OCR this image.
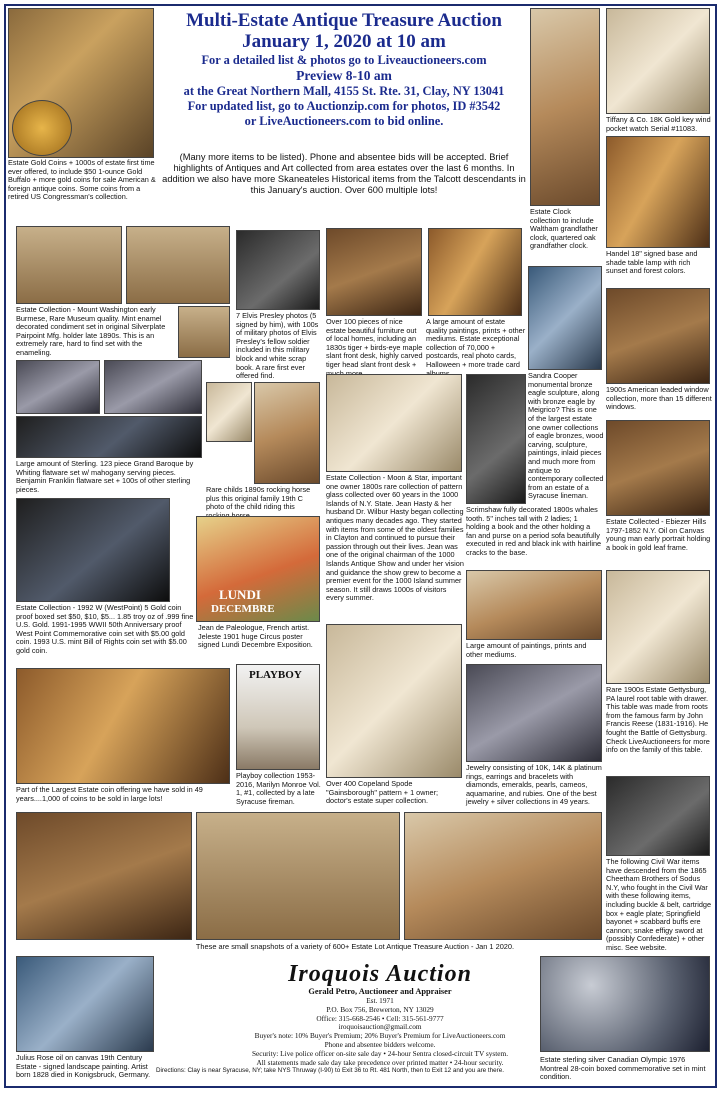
Multi-Estate Antique Treasure Auction
January 1, 2020 at 10 am
For a detailed list & photos go to Liveauctioneers.com
Preview 8-10 am
at the Great Northern Mall, 4155 St. Rte. 31, Clay, NY 13041
For updated list, go to Auctionzip.com for photos, ID #3542
or LiveAuctioneers.com to bid online.
(Many more items to be listed). Phone and absentee bids will be accepted. Brief highlights of Antiques and Art collected from area estates over the last 6 months. In addition we also have more Skaneateles Historical items from the Talcott descendants in this January's auction. Over 600 multiple lots!
Estate Gold Coins + 1000s of estate first time ever offered, to include $50 1-ounce Gold Buffalo + more gold coins for sale American & foreign antique coins. Some coins from a retired US Congressman's collection.
Estate Clock collection to include Waltham grandfather clock, quartered oak grandfather clock.
Tiffany & Co. 18K Gold key wind pocket watch Serial #11083.
Handel 18" signed base and shade table lamp with rich sunset and forest colors.
Estate Collection - Mount Washington early Burmese, Rare Museum quality. Mint enamel decorated condiment set in original Silverplate Pairpoint Mfg. holder late 1890s. This is an extremely rare, hard to find set with the enameling.
7 Elvis Presley photos (5 signed by him), with 100s of military photos of Elvis Presley's fellow soldier included in this military block and white scrap book. A rare first ever offered find.
Over 100 pieces of nice estate beautiful furniture out of local homes, including an 1830s tiger + birds-eye maple slant front desk, highly carved tiger head slant front desk +
A large amount of estate quality paintings, prints + other mediums. Estate exceptional collection of 70,000 + postcards, real photo cards, Halloween + more trade card
Sandra Cooper monumental bronze eagle sculpture, along with bronze eagle by Meigrico? This is one of the largest estate one owner collections of eagle bronzes, wood carving, sculpture, paintings, inlaid pieces and much more from antique to contemporary collected from an estate of a Syracuse lineman.
1900s American leaded window collection, more than 15 different windows.
Large amount of Sterling. 123 piece Grand Baroque by Whiting flatware set w/ mahogany serving pieces. Benjamin Franklin flatware set + 100s of other sterling pieces.	Rare childs 1890s rocking horse plus this original family 19th C photo of the child riding this
Estate Collection - Moon & Star, important one owner 1800s rare collection of pattern glass collected over 60 years in the 1000 Islands of N.Y. State. Jean Hasty & her husband Dr. Wilbur Hasty began collecting antiques many decades ago. They started with items from some of the oldest families in Clayton and continued to pursue their passion through out their lives. Jean was one of the original chairman of the 1000 Islands Antique Show and under her vision and guidance the show grew to become a premier event for the 1000 Island summer season. It still draws 1000s of visitors every summer.
Scrimshaw fully decorated 1800s whales tooth. 5" inches tall with 2 ladies; 1 holding a book and the other holding a fan and purse on a period sofa beautifully executed in red and black ink with hairline cracks to the base.
Estate Collected - Ebiezer Hills 1797-1852 N.Y. Oil on Canvas young man early portrait holding a book in gold leaf frame.
Estate Collection - 1992 W (WestPoint) 5 Gold coin proof boxed set $50, $10, $5... 1.85 troy oz of .999 fine U.S. Gold. 1991-1995 WWII 50th Anniversary proof West Point Commemorative coin set with $5.00 gold coin. 1993 U.S. mint Bill of Rights coin set with $5.00 gold coin.
LUNDI
DECEMBRE
Jean de Paleologue, French artist. Jeleste 1901 huge Circus poster signed Lundi Decembre Exposition.	Large amount of paintings, prints and other mediums.
Rare 1900s Estate Gettysburg, PA laurel root table with drawer. This table was made from roots from the famous farm by John Francis Reese (1831-1916). He fought the Battle of Gettysburg. Check LiveAuctioneers for more info on the family of this table.
Part of the Largest Estate coin offering we have sold in 49 years....1,000 of coins to be sold in large lots!
PLAYBOY
Playboy collection 1953-2016, Marilyn Monroe Vol. 1, #1, collected by a late Syracuse fireman.
Over 400 Copeland Spode "Gainsborough" pattern + 1 owner; doctor's estate super collection.
Jewelry consisting of 10K, 14K & platinum rings, earrings and bracelets with diamonds, emeralds, pearls, cameos, aquamarine, and rubies. One of the best jewelry + silver collections in 49 years.
The following Civil War items have descended from the 1865 Cheetham Brothers of Sodus N.Y, who fought in the Civil War with these following items, including buckle & belt, cartridge box + eagle plate; Springfield bayonet + scabbard buffs ere cannon; snake effigy sword at (possibly Confederate) + other misc. See website.
These are small snapshots of a variety of 600+ Estate Lot Antique Treasure Auction - Jan 1 2020.
Julius Rose oil on canvas 19th Century Estate - signed landscape painting. Artist born 1828 died in Konigsbruck, Germany.
Iroquois Auction
Gerald Petro, Auctioneer and Appraiser
Est. 1971
P.O. Box 756, Brewerton, NY 13029
Office: 315-668-2546 • Cell: 315-561-9777
iroquoisauction@gmail.com
Buyer's note: 10% Buyer's Premium; 20% Buyer's Premium for LiveAuctioneers.com
Phone and absentee bidders welcome.
Security: Live police officer on-site sale day • 24-hour Sentra closed-circuit TV system.
All statements made sale day take precedence over printed matter • 24-hour security.
Directions: Clay is near Syracuse, NY; take NYS Thruway (I-90) to Exit 36 to Rt. 481 North, then to Exit 12 and you are there.
Estate sterling silver Canadian Olympic 1976 Montreal 28-coin boxed commemorative set in mint condition.
